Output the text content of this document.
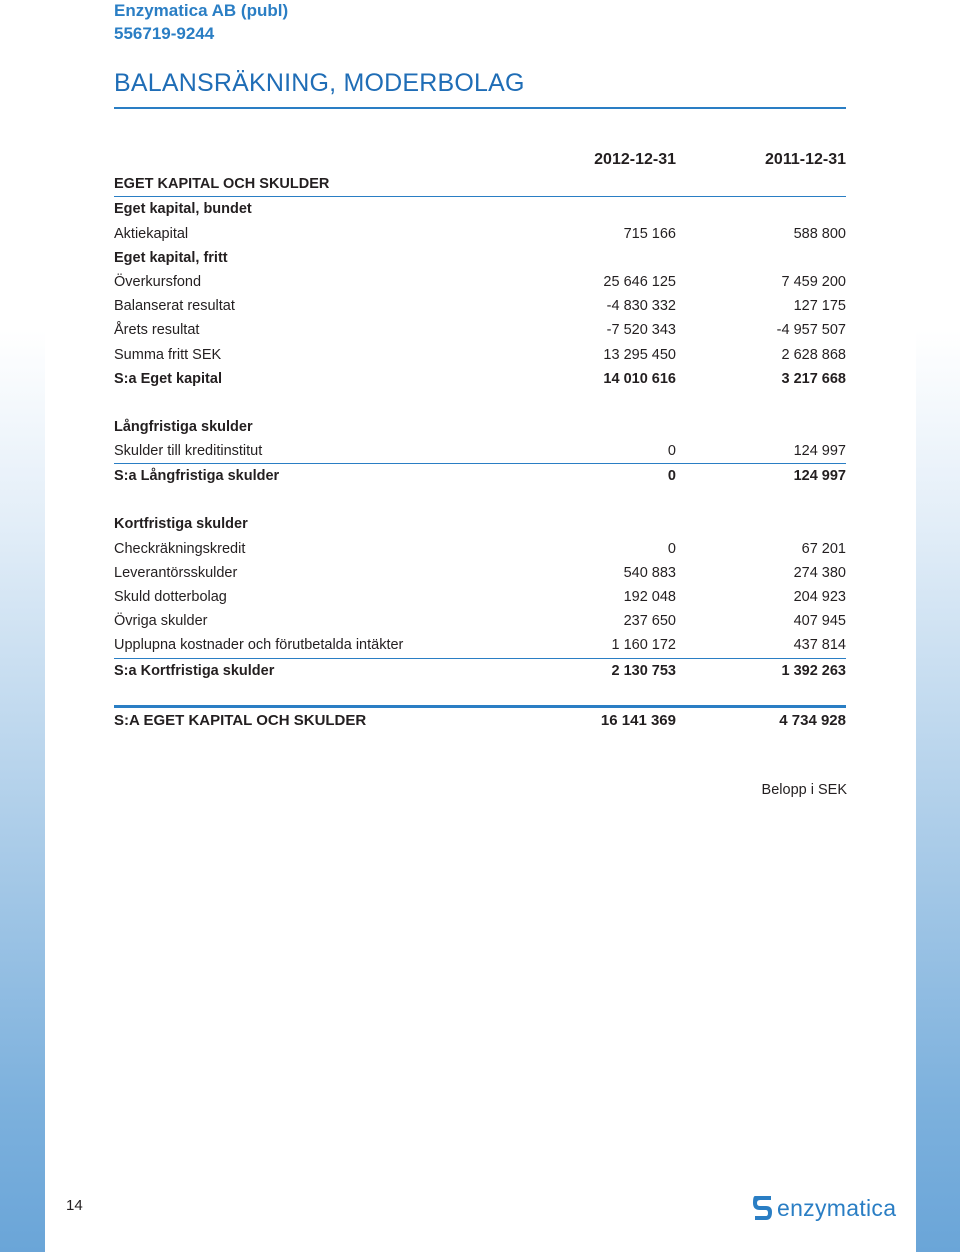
Enzymatica AB (publ)

556719-9244

BALANSRÄKNING, MODERBOLAG
2012-12-31	2011-12-31
EGET KAPITAL OCH SKULDER
Eget kapital, bundet
Aktiekapital	715 166	588 800
Eget kapital, fritt
Överkursfond	25 646 125	7 459 200
Balanserat resultat	-4 830 332	127 175
Årets resultat	-7 520 343	-4 957 507
Summa fritt SEK	13 295 450	2 628 868
S:a Eget kapital	14 010 616	3 217 668
Långfristiga skulder
Skulder till kreditinstitut	0	124 997
S:a Långfristiga skulder	0	124 997
Kortfristiga skulder
Checkräkningskredit	0	67 201
Leverantörsskulder	540 883	274 380
Skuld dotterbolag	192 048	204 923
Övriga skulder	237 650	407 945
Upplupna kostnader och förutbetalda intäkter	1 160 172	437 814
S:a Kortfristiga skulder	2 130 753	1 392 263
S:A EGET KAPITAL OCH SKULDER	16 141 369	4 734 928
Belopp i SEK
14	enzymatica
